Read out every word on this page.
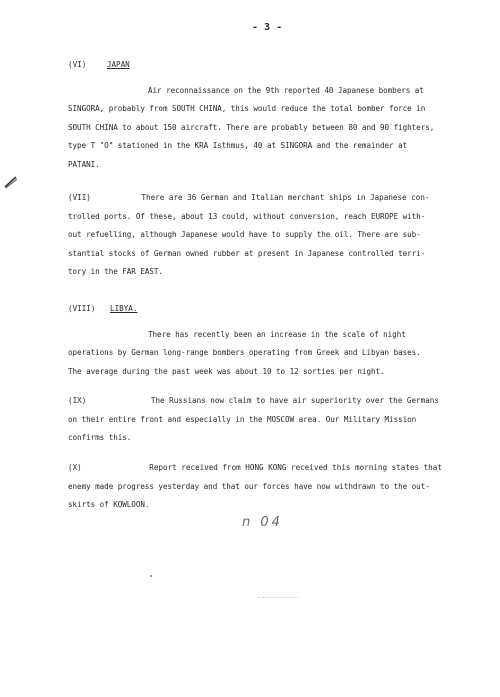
- 3 -
(VI)	JAPAN
Air reconnaissance on the 9th reported 40 Japanese bombers at
SINGORA, probably from SOUTH CHINA, this would reduce the total bomber force in
SOUTH CHINA to about 150 aircraft. There are probably between 80 and 90 fighters,
type T "O" stationed in the KRA Isthmus, 40 at SINGORA and the remainder at
PATANI.
(VII)	There are 36 German and Italian merchant ships in Japanese con-
trolled ports. Of these, about 13 could, without conversion, reach EUROPE with-
out refuelling, although Japanese would have to supply the oil. There are sub-
stantial stocks of German owned rubber at present in Japanese controlled terri-
tory in the FAR EAST.
(VIII) LIBYA.
There has recently been an increase in the scale of night
operations by German long-range bombers operating from Greek and Libyan bases.
The average during the past week was about 10 to 12 sorties per night.
(IX)	The Russians now claim to have air superiority over the Germans
on their entire front and especially in the MOSCOW area. Our Military Mission
confirms this.
(X)	Report received from HONG KONG received this morning states that
enemy made progress yesterday and that our forces have now withdrawn to the out-
skirts of KOWLOON.
n 04
